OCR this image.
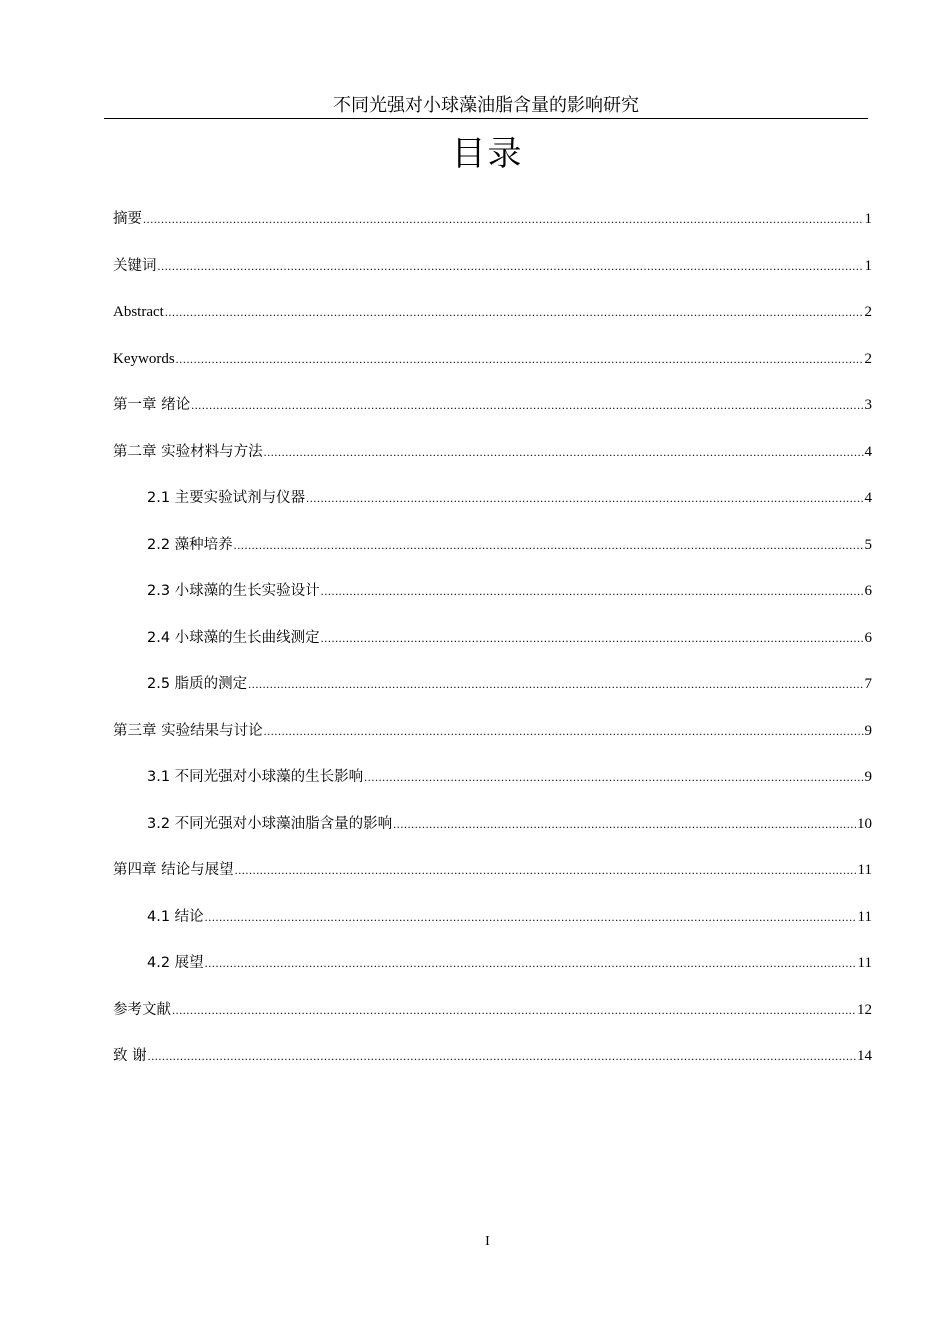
不同光强对小球藻油脂含量的影响研究
目录
摘要 .....	1
关键词 .....	1
Abstract .....	2
Keywords .....	2
第一章 绪论 .....	3
第二章 实验材料与方法 .....	4
2.1 主要实验试剂与仪器 .....	4
2.2 藻种培养 .....	5
2.3 小球藻的生长实验设计 .....	6
2.4 小球藻的生长曲线测定 .....	6
2.5 脂质的测定 .....	7
第三章 实验结果与讨论 .....	9
3.1 不同光强对小球藻的生长影响 .....	9
3.2 不同光强对小球藻油脂含量的影响 .....	10
第四章 结论与展望 .....	11
4.1 结论 .....	11
4.2 展望 .....	11
参考文献 .....	12
致 谢 .....	14
I
